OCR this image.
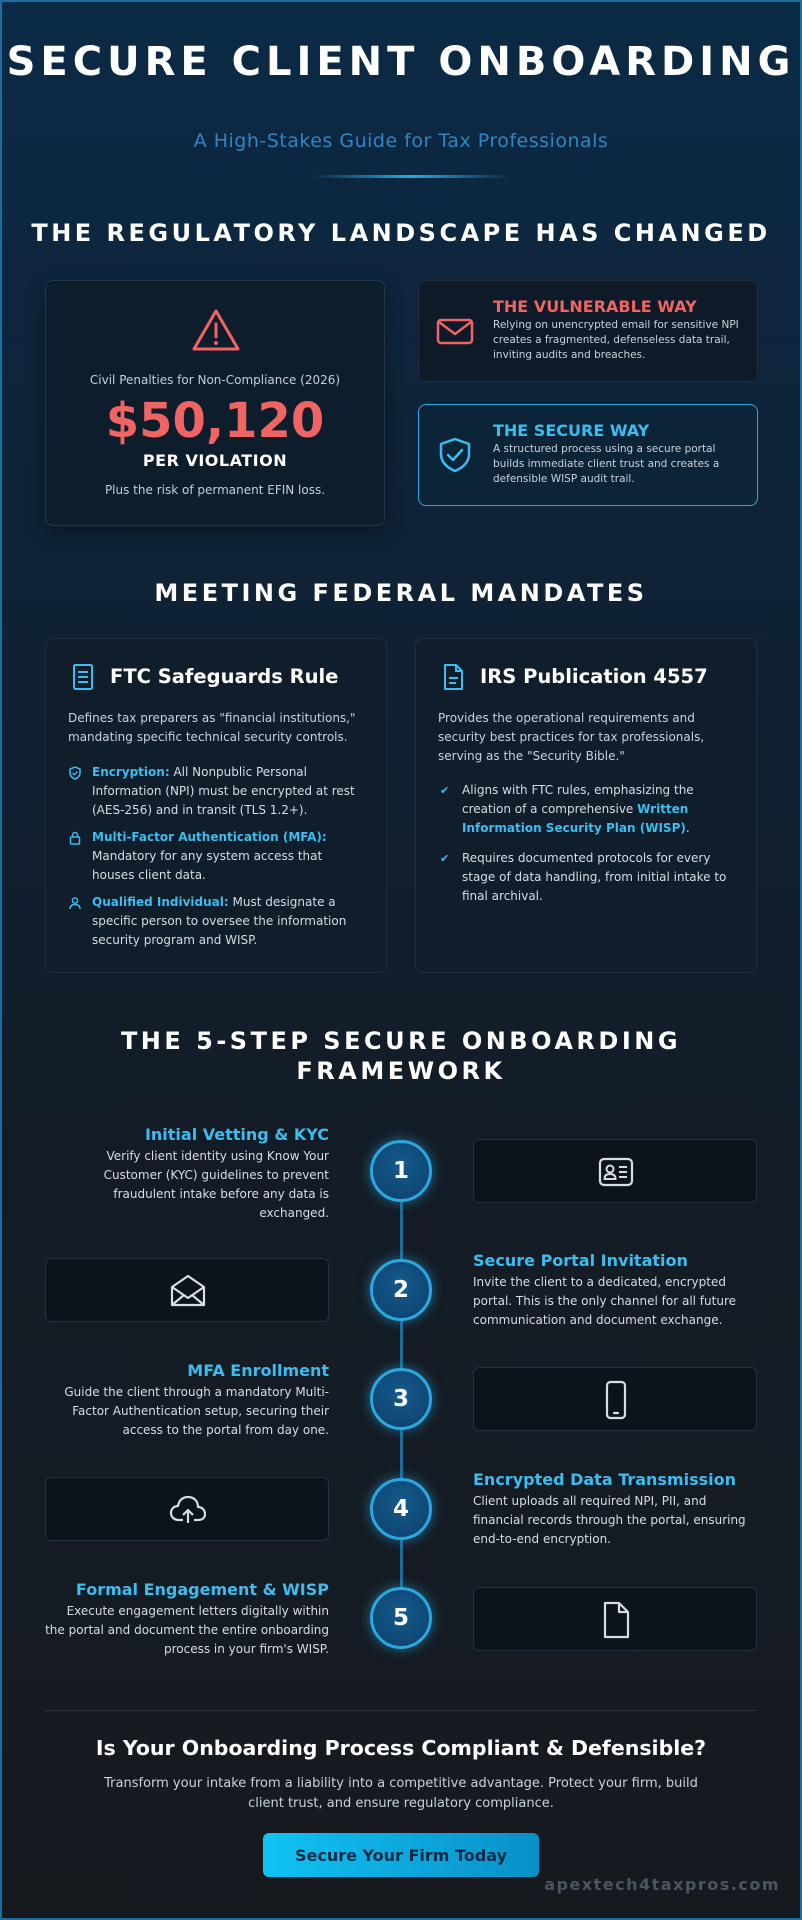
SECURE CLIENT ONBOARDING
A High-Stakes Guide for Tax Professionals
THE REGULATORY LANDSCAPE HAS CHANGED
Civil Penalties for Non-Compliance (2026)
$50,120
PER VIOLATION
Plus the risk of permanent EFIN loss.
THE VULNERABLE WAY
Relying on unencrypted email for sensitive NPI creates a fragmented, defenseless data trail, inviting audits and breaches.
THE SECURE WAY
A structured process using a secure portal builds immediate client trust and creates a defensible WISP audit trail.
MEETING FEDERAL MANDATES
FTC Safeguards Rule
Defines tax preparers as "financial institutions," mandating specific technical security controls.
Encryption: All Nonpublic Personal Information (NPI) must be encrypted at rest (AES-256) and in transit (TLS 1.2+).
Multi-Factor Authentication (MFA): Mandatory for any system access that houses client data.
Qualified Individual: Must designate a specific person to oversee the information security program and WISP.
IRS Publication 4557
Provides the operational requirements and security best practices for tax professionals, serving as the "Security Bible."
✔ Aligns with FTC rules, emphasizing the creation of a comprehensive Written Information Security Plan (WISP).
✔ Requires documented protocols for every stage of data handling, from initial intake to final archival.
THE 5-STEP SECURE ONBOARDING FRAMEWORK
Initial Vetting & KYC
Verify client identity using Know Your Customer (KYC) guidelines to prevent fraudulent intake before any data is exchanged.
1
2
Secure Portal Invitation
Invite the client to a dedicated, encrypted portal. This is the only channel for all future communication and document exchange.
MFA Enrollment
Guide the client through a mandatory Multi-Factor Authentication setup, securing their access to the portal from day one.
3
4
Encrypted Data Transmission
Client uploads all required NPI, PII, and financial records through the portal, ensuring end-to-end encryption.
Formal Engagement & WISP
Execute engagement letters digitally within the portal and document the entire onboarding process in your firm's WISP.
5
Is Your Onboarding Process Compliant & Defensible?
Transform your intake from a liability into a competitive advantage. Protect your firm, build client trust, and ensure regulatory compliance.
Secure Your Firm Today
apextech4taxpros.com
